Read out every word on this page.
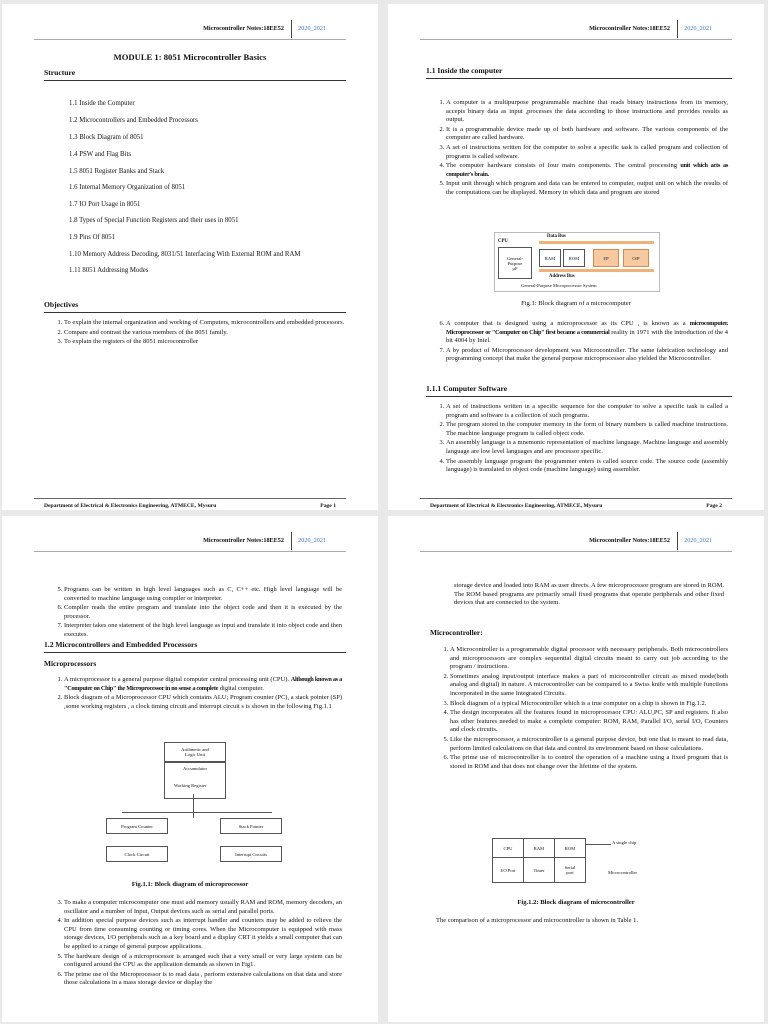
Microcontroller Notes:18EE52 2020_2021
MODULE 1: 8051 Microcontroller Basics
Structure
1.1 Inside the Computer
1.2 Microcontrollers and Embedded Processors
1.3 Block Diagram of 8051
1.4 PSW and Flag Bits
1.5 8051 Register Banks and Stack
1.6 Internal Memory Organization of 8051
1.7 IO Port Usage in 8051
1.8 Types of Special Function Registers and their uses in 8051
1.9 Pins Of 8051
1.10 Memory Address Decoding, 8031/51 Interfacing With External ROM and RAM
1.11 8051 Addressing Modes
Objectives
1. To explain the internal organization and working of Computers, microcontrollers and embedded processors.
2. Compare and contrast the various members of the 8051 family.
3. To explain the registers of the 8051 microcontroller
Department of Electrical & Electronics Engineering, ATMECE, Mysuru	Page 1
Microcontroller Notes:18EE52 2020_2021
1.1 Inside the computer
1. A computer is a multipurpose programmable machine that reads binary instructions from its memory, accepts binary data as input ,processes the data according to those instructions and provides results as output.
2. It is a programmable device made up of both hardware and software. The various components of the computer are called hardware.
3. A set of instructions written for the computer to solve a specific task is called program and collection of programs is called software.
4. The computer hardware consists of four main components. The central processing unit which acts as computer's brain.
5. Input unit through which program and data can be entered to computer, output unit on which the results of the computations can be displayed. Memory in which data and program are stored
Data Bus
CPU
General-
Purpose
µP
RAM	ROM	I/P	O/P
Address Bus
General-Purpose Microprocessor System
Fig.1: Block diagram of a microcomputer
6. A computer that is designed using a microprocessor as its CPU , is known as a microcomputer. Microprocessor or "Computer on Chip" first became a commercial reality in 1971 with the introduction of the 4 bit 4004 by Intel.
7. A by product of Microprocessor development was Microcontroller. The same fabrication technology and programming concept that make the general purpose microprocessor also yielded the Microcontroller.
1.1.1 Computer Software
1. A set of instructions written in a specific sequence for the computer to solve a specific task is called a program and software is a collection of such programs.
2. The program stored in the computer memory in the form of binary numbers is called machine instructions. The machine language program is called object code.
3. An assembly language is a mnemonic representation of machine language. Machine language and assembly language are low level languages and are processor specific.
4. The assembly language program the programmer enters is called source code. The source code (assembly language) is translated to object code (machine language) using assembler.
Department of Electrical & Electronics Engineering, ATMECE, Mysuru	Page 2
Microcontroller Notes:18EE52 2020_2021
5. Programs can be written in high level languages such as C, C++ etc. High level language will be converted to machine language using compiler or interpreter.
6. Compiler reads the entire program and translate into the object code and then it is executed by the processor.
7. Interpreter takes one statement of the high level language as input and translate it into object code and then executes.
1.2 Microcontrollers and Embedded Processors
Microprocessors
1. A microprocessor is a general purpose digital computer central processing unit (CPU). Although known as a "Computer on Chip" the Microprocessor in no sense a complete digital computer.
2. Block diagram of a Microprocessor CPU which contains ALU; Program counter (PC), a stack pointer (SP) ,some working registers , a clock timing circuit and interrupt circuit s is shown in the following Fig.1.1
Arithmetic and
Logic Unit
Accumulator
Working Register
Program Counter	Stack Pointer
Clock Circuit	Interrupt Circuits
Fig.1.1: Block diagram of microprocessor
3. To make a computer microcomputer one must add memory usually RAM and ROM, memory decoders, an oscillator and a number of Input, Output devices such as serial and parallel ports.
4. In addition special purpose devices such as interrupt handler and counters may be added to relieve the CPU from time consuming counting or timing cores. When the Microcomputer is equipped with mass storage devices, I/O peripherals such as a key board and a display CRT it yields a small computer that can be applied to a range of general purpose applications.
5. The hardware design of a microprocessor is arranged such that a very small or very large system can be configured around the CPU as the application demands as shown in Fig1.
6. The prime use of the Microprocessor is to read data , perform extensive calculations on that data and store those calculations in a mass storage device or display the
Microcontroller Notes:18EE52 2020_2021
storage device and loaded into RAM as user directs. A few microprocessor program are stored in ROM. The ROM based programs are primarily small fixed programs that operate peripherals and other fixed devices that are connected to the system.
Microcontroller:
1. A Microcontroller is a programmable digital processor with necessary peripherals. Both microcontrollers and microprocessors are complex sequential digital circuits meant to carry out job according to the program / instructions.
2. Sometimes analog input/output interface makes a part of microcontroller circuit as mixed mode(both analog and digital) in nature. A microcontroller can be compared to a Swiss knife with multiple functions incorporated in the same Integrated Circuits.
3. Block diagram of a typical Microcontroller which is a true computer on a chip is shown in Fig.1.2.
4. The design incorporates all the features found in microprocessor CPU: ALU,PC, SP and registers. It also has other features needed to make a complete computer: ROM, RAM, Parallel I/O, serial I/O, Counters and clock circuits.
5. Like the microprocessor, a microcontroller is a general purpose device, but one that is meant to read data, perform limited calculations on that data and control its environment based on those calculations.
6. The prime use of microcontroller is to control the operation of a machine using a fixed program that is stored in ROM and that does not change over the lifetime of the system.
CPU	RAM	ROM
I/O Port	Timer	Serial
port
A single chip
Microcontroller
Fig.1.2: Block diagram of microcontroller
The comparison of a microprocessor and microcontroller is shown in Table 1.
